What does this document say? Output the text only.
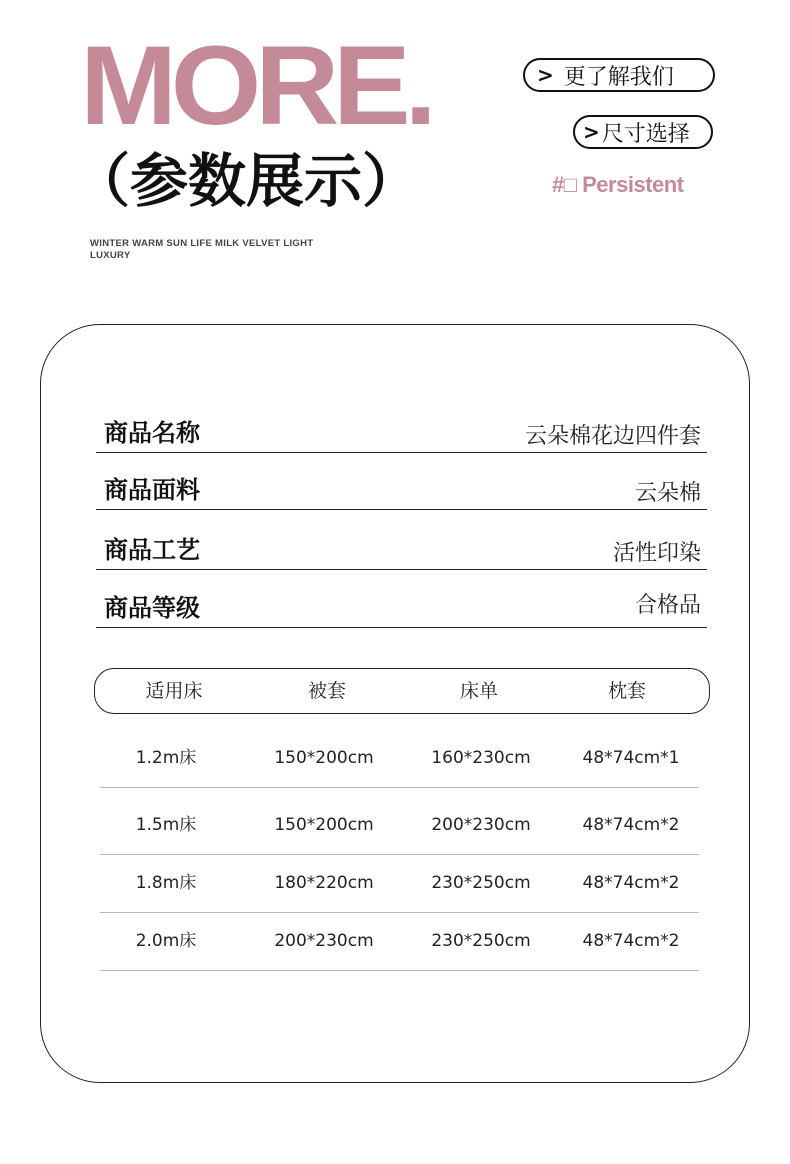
MORE.
（参数展示）
WINTER WARM SUN LIFE MILK VELVET LIGHT LUXURY
> 更了解我们
> 尺寸选择
#□ Persistent
商品名称	云朵棉花边四件套
商品面料	云朵棉
商品工艺	活性印染
商品等级	合格品
适用床	被套	床单	枕套
1.2m床	150*200cm	160*230cm	48*74cm*1
1.5m床	150*200cm	200*230cm	48*74cm*2
1.8m床	180*220cm	230*250cm	48*74cm*2
2.0m床	200*230cm	230*250cm	48*74cm*2
